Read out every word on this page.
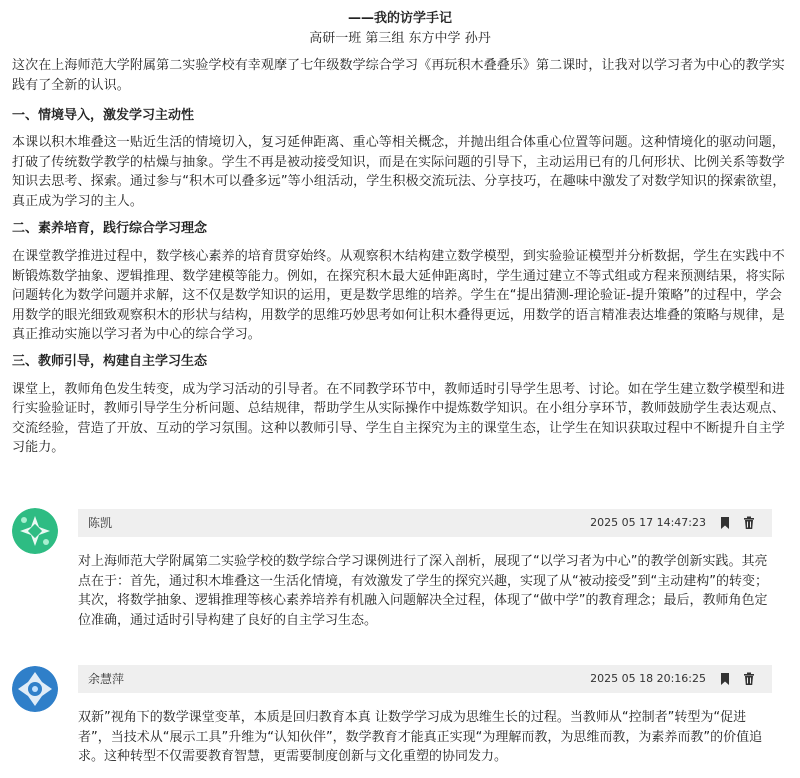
——我的访学手记
高研一班 第三组 东方中学 孙丹

这次在上海师范大学附属第二实验学校有幸观摩了七年级数学综合学习《再玩积木叠叠乐》第二课时，让我对以学习者为中心的教学实践有了全新的认识。

一、情境导入，激发学习主动性

本课以积木堆叠这一贴近生活的情境切入，复习延伸距离、重心等相关概念，并抛出组合体重心位置等问题。这种情境化的驱动问题，打破了传统数学教学的枯燥与抽象。学生不再是被动接受知识，而是在实际问题的引导下，主动运用已有的几何形状、比例关系等数学知识去思考、探索。通过参与“积木可以叠多远”等小组活动，学生积极交流玩法、分享技巧，在趣味中激发了对数学知识的探索欲望，真正成为学习的主人。

二、素养培育，践行综合学习理念

在课堂教学推进过程中，数学核心素养的培育贯穿始终。从观察积木结构建立数学模型，到实验验证模型并分析数据，学生在实践中不断锻炼数学抽象、逻辑推理、数学建模等能力。例如，在探究积木最大延伸距离时，学生通过建立不等式组或方程来预测结果，将实际问题转化为数学问题并求解，这不仅是数学知识的运用，更是数学思维的培养。学生在“提出猜测-理论验证-提升策略”的过程中，学会用数学的眼光细致观察积木的形状与结构，用数学的思维巧妙思考如何让积木叠得更远，用数学的语言精准表达堆叠的策略与规律，是真正推动实施以学习者为中心的综合学习。

三、教师引导，构建自主学习生态

课堂上，教师角色发生转变，成为学习活动的引导者。在不同教学环节中，教师适时引导学生思考、讨论。如在学生建立数学模型和进行实验验证时，教师引导学生分析问题、总结规律，帮助学生从实际操作中提炼数学知识。在小组分享环节，教师鼓励学生表达观点、交流经验，营造了开放、互动的学习氛围。这种以教师引导、学生自主探究为主的课堂生态，让学生在知识获取过程中不断提升自主学习能力。

陈凯	2025 05 17 14:47:23
对上海师范大学附属第二实验学校的数学综合学习课例进行了深入剖析，展现了“以学习者为中心”的教学创新实践。其亮点在于：首先，通过积木堆叠这一生活化情境，有效激发了学生的探究兴趣，实现了从“被动接受”到“主动建构”的转变；其次，将数学抽象、逻辑推理等核心素养培养有机融入问题解决全过程，体现了“做中学”的教育理念；最后，教师角色定位准确，通过适时引导构建了良好的自主学习生态。
余慧萍	2025 05 18 20:16:25
双新”视角下的数学课堂变革，本质是回归教育本真 让数学学习成为思维生长的过程。当教师从“控制者”转型为“促进者”，当技术从“展示工具”升维为“认知伙伴”，数学教育才能真正实现“为理解而教，为思维而教，为素养而教”的价值追求。这种转型不仅需要教育智慧，更需要制度创新与文化重塑的协同发力。
